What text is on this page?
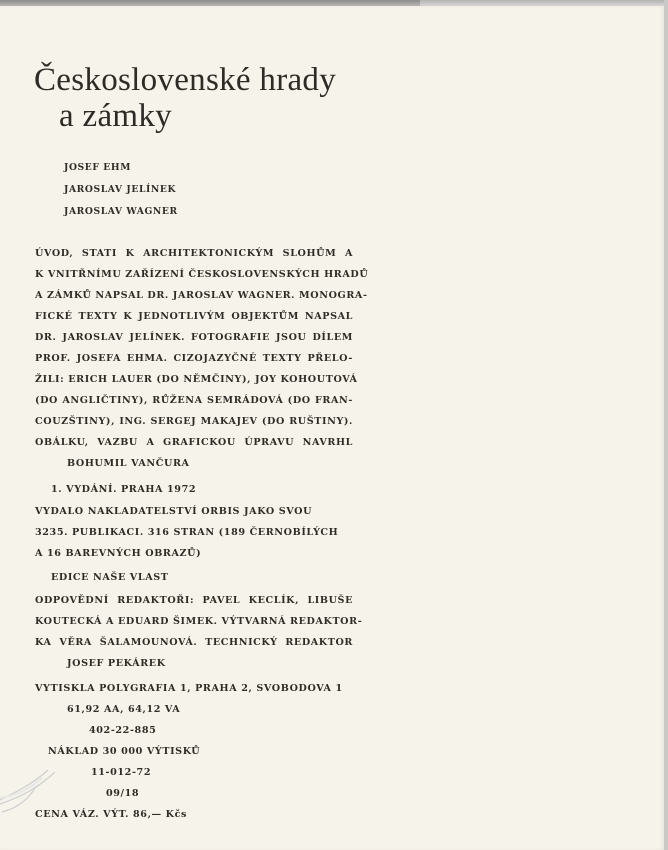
Československé hrady
a zámky
JOSEF EHM
JAROSLAV JELÍNEK
JAROSLAV WAGNER
ÚVOD, STATI K ARCHITEKTONICKÝM SLOHŮM A
K VNITŘNÍMU ZAŘÍZENÍ ČESKOSLOVENSKÝCH HRADŮ
A ZÁMKŮ NAPSAL DR. JAROSLAV WAGNER. MONOGRA-
FICKÉ TEXTY K JEDNOTLIVÝM OBJEKTŮM NAPSAL
DR. JAROSLAV JELÍNEK. FOTOGRAFIE JSOU DÍLEM
PROF. JOSEFA EHMA. CIZOJAZYČNÉ TEXTY PŘELO-
ŽILI: ERICH LAUER (DO NĚMČINY), JOY KOHOUTOVÁ
(DO ANGLIČTINY), RŮŽENA SEMRÁDOVÁ (DO FRAN-
COUZŠTINY), ING. SERGEJ MAKAJEV (DO RUŠTINY).
OBÁLKU, VAZBU A GRAFICKOU ÚPRAVU NAVRHL
BOHUMIL VANČURA
1. VYDÁNÍ. PRAHA 1972
VYDALO NAKLADATELSTVÍ ORBIS JAKO SVOU
3235. PUBLIKACI. 316 STRAN (189 ČERNOBÍLÝCH
A 16 BAREVNÝCH OBRAZŮ)
EDICE NAŠE VLAST
ODPOVĚDNÍ REDAKTOŘI: PAVEL KECLÍK, LIBUŠE
KOUTECKÁ A EDUARD ŠIMEK. VÝTVARNÁ REDAKTOR-
KA VĚRA ŠALAMOUNOVÁ. TECHNICKÝ REDAKTOR
JOSEF PEKÁREK
VYTISKLA POLYGRAFIA 1, PRAHA 2, SVOBODOVA 1
61,92 AA, 64,12 VA
402-22-885
NÁKLAD 30 000 VÝTISKŮ
11-012-72
09/18
CENA VÁZ. VÝT. 86,— Kčs
